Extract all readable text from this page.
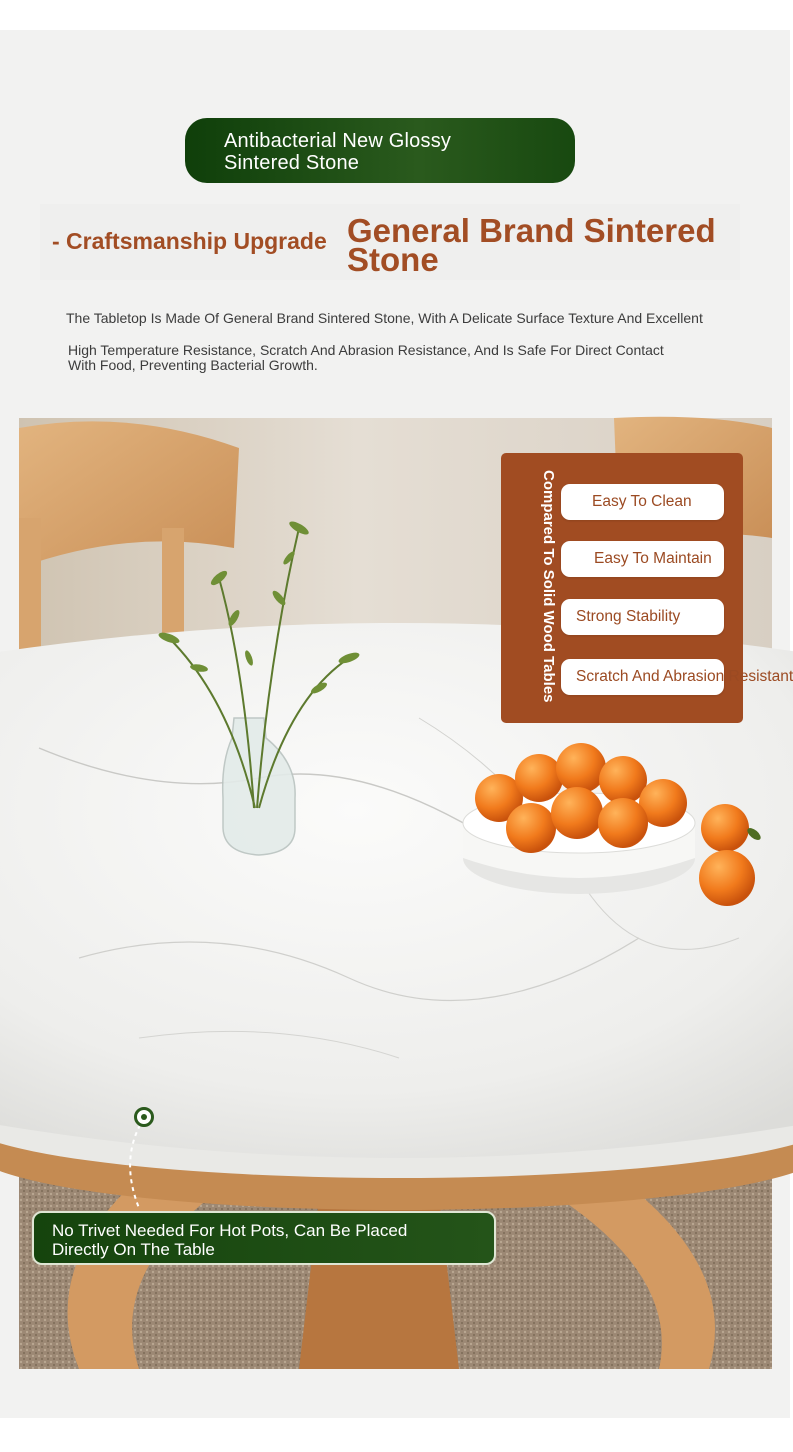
Antibacterial New Glossy
Sintered Stone
- Craftsmanship Upgrade General Brand Sintered
Stone
The Tabletop Is Made Of General Brand Sintered Stone, With A Delicate Surface Texture And Excellent
High Temperature Resistance, Scratch And Abrasion Resistance, And Is Safe For Direct Contact
With Food, Preventing Bacterial Growth.
Compared To Solid Wood Tables	Easy To Clean
Easy To Maintain
Strong Stability
Scratch And Abrasion Resistant
No Trivet Needed For Hot Pots, Can Be Placed
Directly On The Table
